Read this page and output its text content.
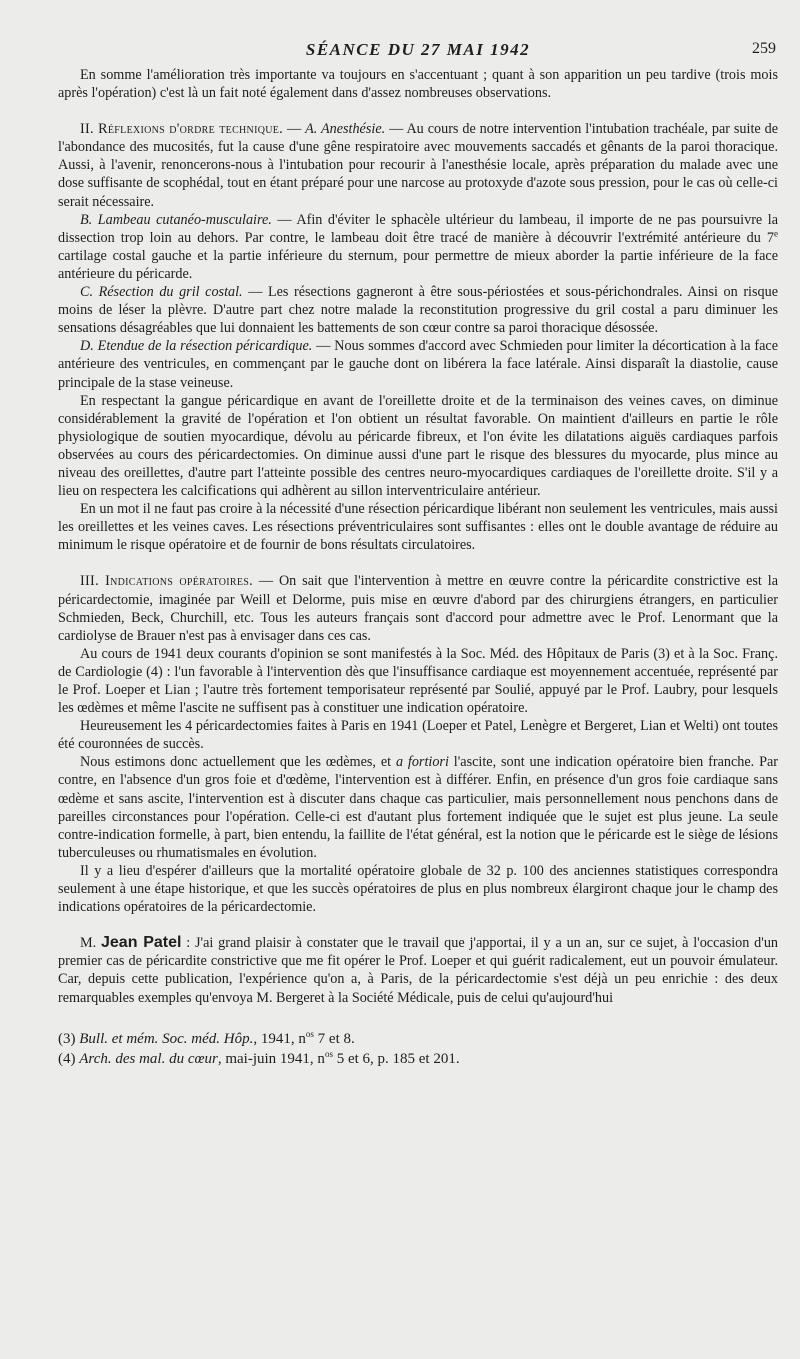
SÉANCE DU 27 MAI 1942	259

En somme l'amélioration très importante va toujours en s'accentuant ; quant à son apparition un peu tardive (trois mois après l'opération) c'est là un fait noté également dans d'assez nombreuses observations.

II. Réflexions d'ordre technique. — A. Anesthésie. — Au cours de notre intervention l'intubation trachéale, par suite de l'abondance des mucosités, fut la cause d'une gêne respiratoire avec mouvements saccadés et gênants de la paroi thoracique. Aussi, à l'avenir, renoncerons-nous à l'intubation pour recourir à l'anesthésie locale, après préparation du malade avec une dose suffisante de scophédal, tout en étant préparé pour une narcose au protoxyde d'azote sous pression, pour le cas où celle-ci serait nécessaire.

B. Lambeau cutanéo-musculaire. — Afin d'éviter le sphacèle ultérieur du lambeau, il importe de ne pas poursuivre la dissection trop loin au dehors. Par contre, le lambeau doit être tracé de manière à découvrir l'extrémité antérieure du 7e cartilage costal gauche et la partie inférieure du sternum, pour permettre de mieux aborder la partie inférieure de la face antérieure du péricarde.

C. Résection du gril costal. — Les résections gagneront à être sous-périostées et sous-périchondrales. Ainsi on risque moins de léser la plèvre. D'autre part chez notre malade la reconstitution progressive du gril costal a paru diminuer les sensations désagréables que lui donnaient les battements de son cœur contre sa paroi thoracique désossée.

D. Etendue de la résection péricardique. — Nous sommes d'accord avec Schmieden pour limiter la décortication à la face antérieure des ventricules, en commençant par le gauche dont on libérera la face latérale. Ainsi disparaît la diastolie, cause principale de la stase veineuse.

En respectant la gangue péricardique en avant de l'oreillette droite et de la terminaison des veines caves, on diminue considérablement la gravité de l'opération et l'on obtient un résultat favorable. On maintient d'ailleurs en partie le rôle physiologique de soutien myocardique, dévolu au péricarde fibreux, et l'on évite les dilatations aiguës cardiaques parfois observées au cours des péricardectomies. On diminue aussi d'une part le risque des blessures du myocarde, plus mince au niveau des oreillettes, d'autre part l'atteinte possible des centres neuro-myocardiques cardiaques de l'oreillette droite. S'il y a lieu on respectera les calcifications qui adhèrent au sillon interventriculaire antérieur.

En un mot il ne faut pas croire à la nécessité d'une résection péricardique libérant non seulement les ventricules, mais aussi les oreillettes et les veines caves. Les résections préventriculaires sont suffisantes : elles ont le double avantage de réduire au minimum le risque opératoire et de fournir de bons résultats circulatoires.

III. Indications opératoires. — On sait que l'intervention à mettre en œuvre contre la péricardite constrictive est la péricardectomie, imaginée par Weill et Delorme, puis mise en œuvre d'abord par des chirurgiens étrangers, en particulier Schmieden, Beck, Churchill, etc. Tous les auteurs français sont d'accord pour admettre avec le Prof. Lenormant que la cardiolyse de Brauer n'est pas à envisager dans ces cas.

Au cours de 1941 deux courants d'opinion se sont manifestés à la Soc. Méd. des Hôpitaux de Paris (3) et à la Soc. Franç. de Cardiologie (4) : l'un favorable à l'intervention dès que l'insuffisance cardiaque est moyennement accentuée, représenté par le Prof. Loeper et Lian ; l'autre très fortement temporisateur représenté par Soulié, appuyé par le Prof. Laubry, pour lesquels les œdèmes et même l'ascite ne suffisent pas à constituer une indication opératoire.

Heureusement les 4 péricardectomies faites à Paris en 1941 (Loeper et Patel, Lenègre et Bergeret, Lian et Welti) ont toutes été couronnées de succès.

Nous estimons donc actuellement que les œdèmes, et a fortiori l'ascite, sont une indication opératoire bien franche. Par contre, en l'absence d'un gros foie et d'œdème, l'intervention est à différer. Enfin, en présence d'un gros foie cardiaque sans œdème et sans ascite, l'intervention est à discuter dans chaque cas particulier, mais personnellement nous penchons dans de pareilles circonstances pour l'opération. Celle-ci est d'autant plus fortement indiquée que le sujet est plus jeune. La seule contre-indication formelle, à part, bien entendu, la faillite de l'état général, est la notion que le péricarde est le siège de lésions tuberculeuses ou rhumatismales en évolution.

Il y a lieu d'espérer d'ailleurs que la mortalité opératoire globale de 32 p. 100 des anciennes statistiques correspondra seulement à une étape historique, et que les succès opératoires de plus en plus nombreux élargiront chaque jour le champ des indications opératoires de la péricardectomie.

M. Jean Patel : J'ai grand plaisir à constater que le travail que j'apportai, il y a un an, sur ce sujet, à l'occasion d'un premier cas de péricardite constrictive que me fit opérer le Prof. Loeper et qui guérit radicalement, eut un pouvoir émulateur. Car, depuis cette publication, l'expérience qu'on a, à Paris, de la péricardectomie s'est déjà un peu enrichie : des deux remarquables exemples qu'envoya M. Bergeret à la Société Médicale, puis de celui qu'aujourd'hui

(3) Bull. et mém. Soc. méd. Hôp., 1941, $n^{os}$ 7 et 8.

(4) Arch. des mal. du cœur, mai-juin 1941, $n^{os}$ 5 et 6, p. 185 et 201.
